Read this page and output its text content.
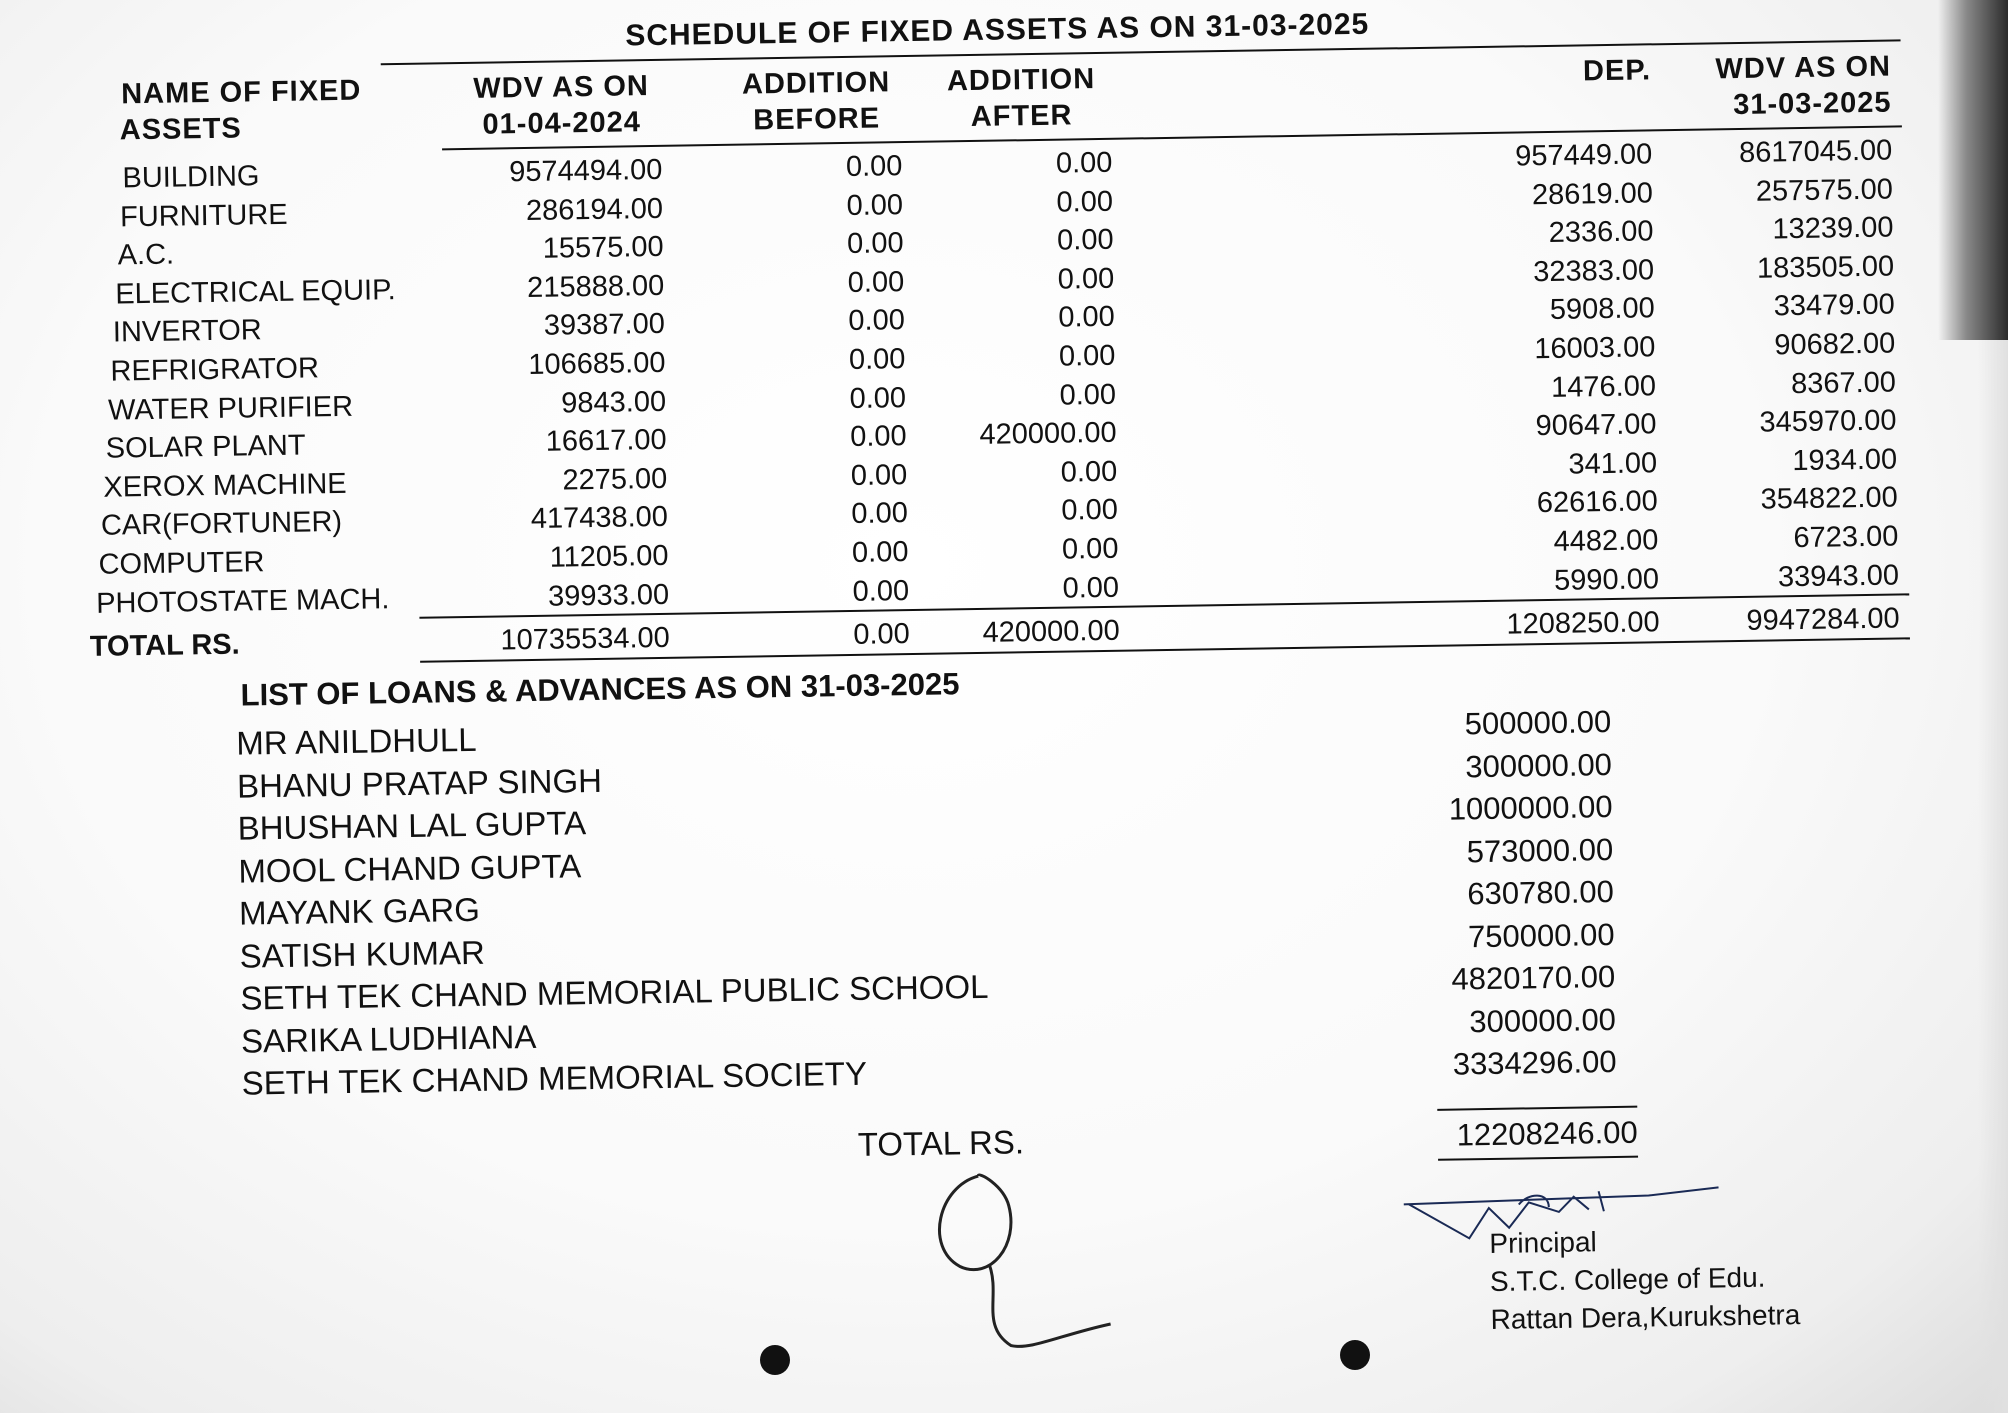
SCHEDULE OF FIXED ASSETS AS ON 31-03-2025
NAME OF FIXED
ASSETS
WDV AS ON
01-04-2024
ADDITION
BEFORE
ADDITION
AFTER
DEP.	WDV AS ON
31-03-2025
BUILDING	9574494.00	0.00	0.00	957449.00	8617045.00
FURNITURE	286194.00	0.00	0.00	28619.00	257575.00
A.C.	15575.00	0.00	0.00	2336.00	13239.00
ELECTRICAL EQUIP.	215888.00	0.00	0.00	32383.00	183505.00
INVERTOR	39387.00	0.00	0.00	5908.00	33479.00
REFRIGRATOR	106685.00	0.00	0.00	16003.00	90682.00
WATER PURIFIER	9843.00	0.00	0.00	1476.00	8367.00
SOLAR PLANT	16617.00	0.00	420000.00	90647.00	345970.00
XEROX MACHINE	2275.00	0.00	0.00	341.00	1934.00
CAR(FORTUNER)	417438.00	0.00	0.00	62616.00	354822.00
COMPUTER	11205.00	0.00	0.00	4482.00	6723.00
PHOTOSTATE MACH.	39933.00	0.00	0.00	5990.00	33943.00
TOTAL RS.	10735534.00	0.00	420000.00	1208250.00	9947284.00
LIST OF LOANS & ADVANCES AS ON 31-03-2025
MR ANILDHULL	500000.00
BHANU PRATAP SINGH	300000.00
BHUSHAN LAL GUPTA	1000000.00
MOOL CHAND GUPTA	573000.00
MAYANK GARG	630780.00
SATISH KUMAR	750000.00
SETH TEK CHAND MEMORIAL PUBLIC SCHOOL	4820170.00
SARIKA LUDHIANA	300000.00
SETH TEK CHAND MEMORIAL SOCIETY	3334296.00
TOTAL RS.	12208246.00
Principal
S.T.C. College of Edu.
Rattan Dera,Kurukshetra
